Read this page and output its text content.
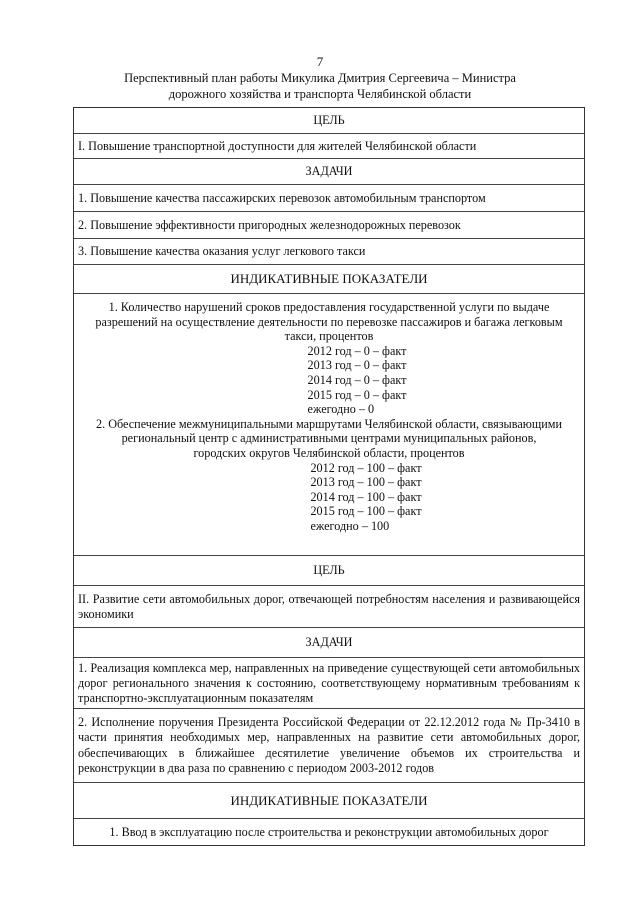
7
Перспективный план работы Микулика Дмитрия Сергеевича – Министра
дорожного хозяйства и транспорта Челябинской области
ЦЕЛЬ
I. Повышение транспортной доступности для жителей Челябинской области
ЗАДАЧИ
1. Повышение качества пассажирских перевозок автомобильным транспортом
2. Повышение эффективности пригородных железнодорожных перевозок
3. Повышение качества оказания услуг легкового такси
ИНДИКАТИВНЫЕ ПОКАЗАТЕЛИ
1. Количество нарушений сроков предоставления государственной услуги по выдаче
разрешений на осуществление деятельности по перевозке пассажиров и багажа легковым
такси, процентов
2012 год – 0 – факт
2013 год – 0 – факт
2014 год – 0 – факт
2015 год – 0 – факт
ежегодно – 0
2. Обеспечение межмуниципальными маршрутами Челябинской области, связывающими
региональный центр с административными центрами муниципальных районов,
городских округов Челябинской области, процентов
2012 год – 100 – факт
2013 год – 100 – факт
2014 год – 100 – факт
2015 год – 100 – факт
ежегодно – 100
ЦЕЛЬ
II. Развитие сети автомобильных дорог, отвечающей потребностям населения и развивающейся экономики
ЗАДАЧИ
1. Реализация комплекса мер, направленных на приведение существующей сети автомобильных дорог регионального значения к состоянию, соответствующему нормативным требованиям к транспортно-эксплуатационным показателям
2. Исполнение поручения Президента Российской Федерации от 22.12.2012 года № Пр-3410 в части принятия необходимых мер, направленных на развитие сети автомобильных дорог, обеспечивающих в ближайшее десятилетие увеличение объемов их строительства и реконструкции в два раза по сравнению с периодом 2003-2012 годов
ИНДИКАТИВНЫЕ ПОКАЗАТЕЛИ
1. Ввод в эксплуатацию после строительства и реконструкции автомобильных дорог
